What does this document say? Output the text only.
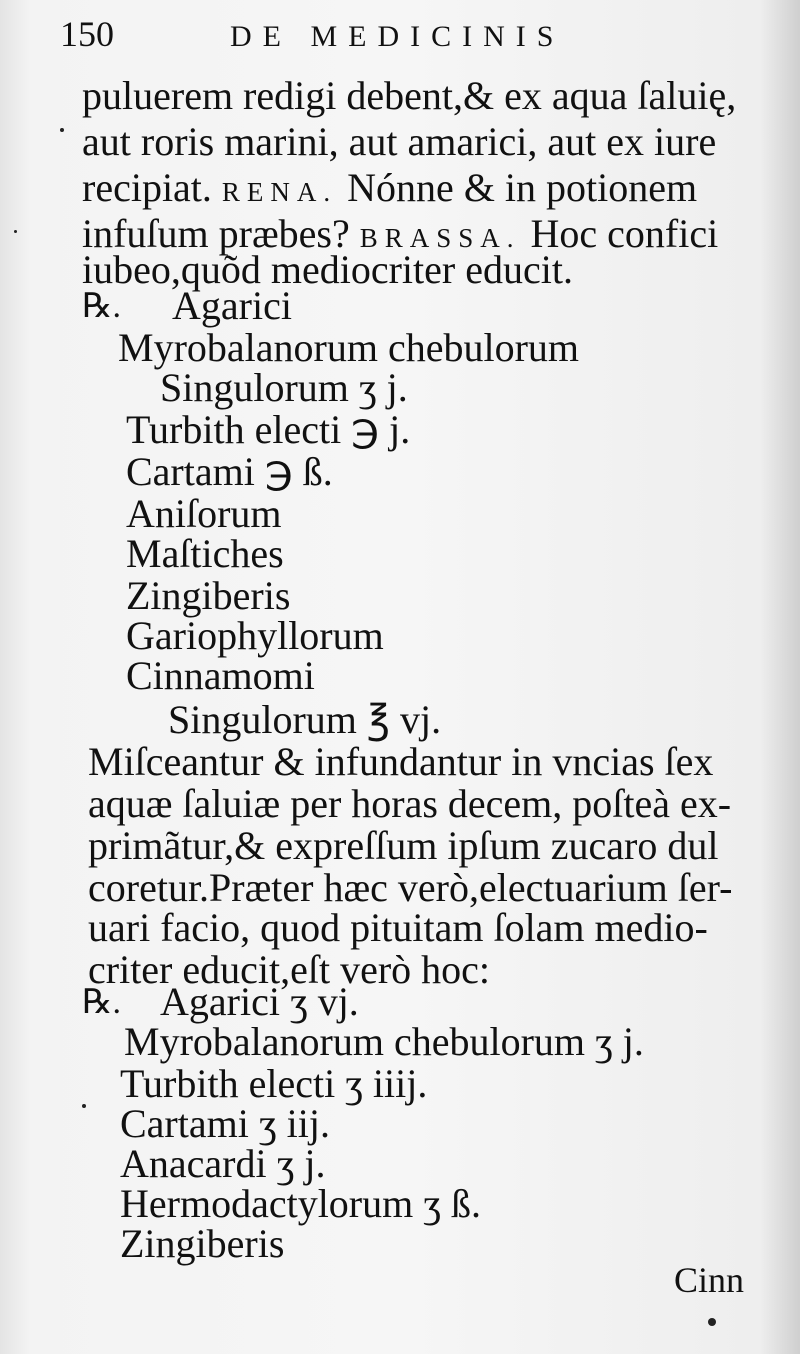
150	DE MEDICINIS
puluerem redigi debent,& ex aqua ſaluię,
aut roris marini, aut amarici, aut ex iure
recipiat. RENA. Nónne & in potionem
infuſum præbes? BRASSA. Hoc confici
iubeo,quõd mediocriter educit.
℞. Agarici
Myrobalanorum chebulorum
Singulorum ʒ j.
Turbith electi ℈ j.
Cartami ℈ ß.
Aniſorum
Maſtiches
Zingiberis
Gariophyllorum
Cinnamomi
Singulorum ℥ vj.
Miſceantur & infundantur in vncias ſex
aquæ ſaluiæ per horas decem, poſteà ex-
primãtur,& expreſſum ipſum zucaro dul
coretur.Præter hæc verò,electuarium ſer-
uari facio, quod pituitam ſolam medio-
criter educit,eſt verò hoc:
℞. Agarici ʒ vj.
Myrobalanorum chebulorum ʒ j.
Turbith electi ʒ iiij.
Cartami ʒ iij.
Anacardi ʒ j.
Hermodactylorum ʒ ß.
Zingiberis
Cinn
